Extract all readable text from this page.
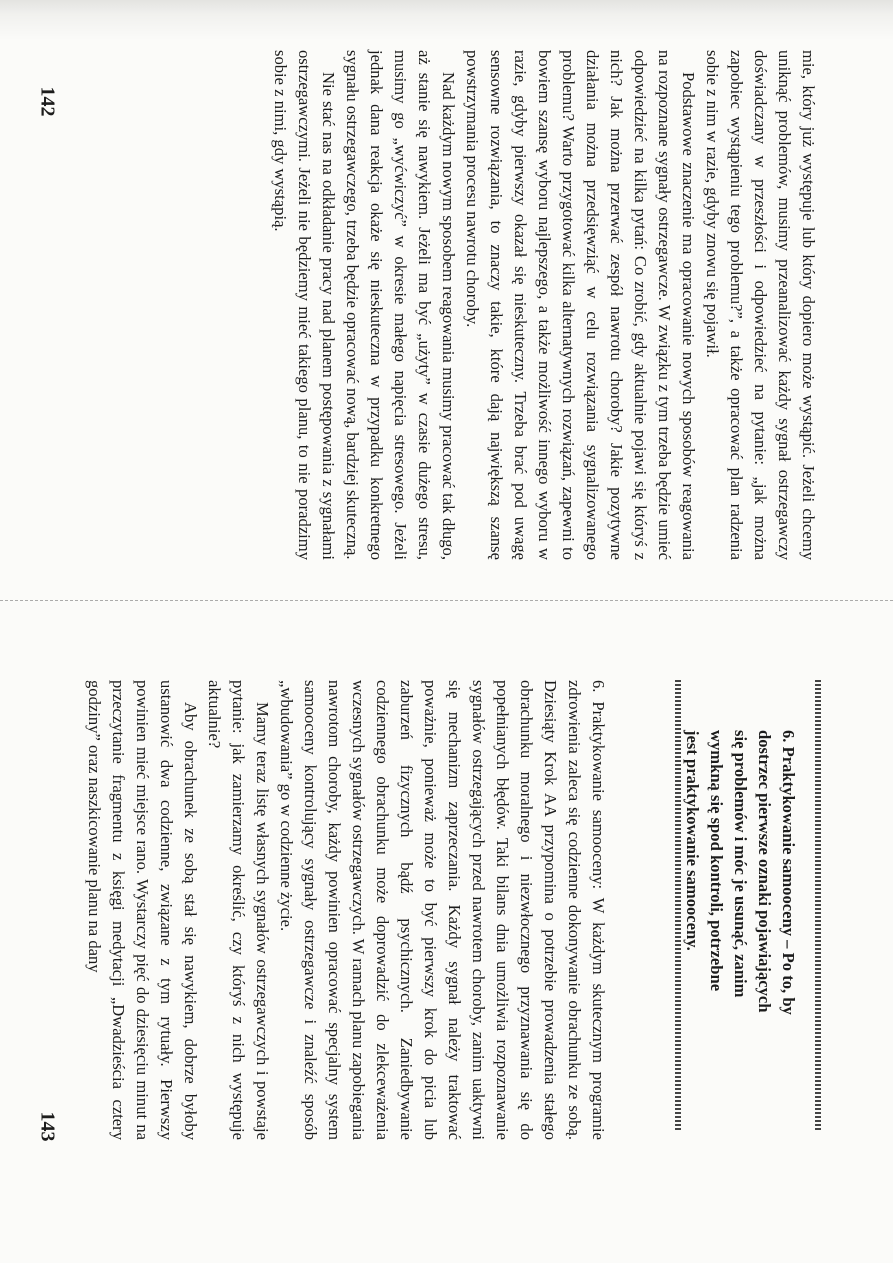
mie, który już występuje lub który dopiero może wystąpić. Jeżeli chcemy uniknąć problemów, musimy przeanalizować każdy sygnał ostrzegawczy doświadczany w przeszłości i odpowiedzieć na pytanie: „jak można zapobiec wystąpieniu tego problemu?”, a także opracować plan radzenia sobie z nim w razie, gdyby znowu się pojawił.

Podstawowe znaczenie ma opracowanie nowych sposobów reagowania na rozpoznane sygnały ostrzegawcze. W związku z tym trzeba będzie umieć odpowiedzieć na kilka pytań: Co zrobić, gdy aktualnie pojawi się któryś z nich? Jak można przerwać zespół nawrotu choroby? Jakie pozytywne działania można przedsięwziąć w celu rozwiązania sygnalizowanego problemu? Warto przygotować kilka alternatywnych rozwiązań, zapewni to bowiem szansę wyboru najlepszego, a także możliwość innego wyboru w razie, gdyby pierwszy okazał się nieskuteczny. Trzeba brać pod uwagę sensowne rozwiązania, to znaczy takie, które dają największą szansę powstrzymania procesu nawrotu choroby.

Nad każdym nowym sposobem reagowania musimy pracować tak długo, aż stanie się nawykiem. Jeżeli ma być „użyty” w czasie dużego stresu, musimy go „wyćwiczyć” w okresie małego napięcia stresowego. Jeżeli jednak dana reakcja okaże się nieskuteczna w przypadku konkretnego sygnału ostrzegawczego, trzeba będzie opracować nową, bardziej skuteczną.

Nie stać nas na odkładanie pracy nad planem postępowania z sygnałami ostrzegawczymi. Jeżeli nie będziemy mieć takiego planu, to nie poradzimy sobie z nimi, gdy wystąpią.

142
6. Praktykowanie samooceny – Po to, by
dostrzec pierwsze oznaki pojawiających
się problemów i móc je usunąć, zanim
wymkną się spod kontroli, potrzebne
jest praktykowanie samooceny.

6. Praktykowanie samooceny: W każdym skutecznym programie zdrowienia zaleca się codzienne dokonywanie obrachunku ze sobą. Dziesiąty Krok AA przypomina o potrzebie prowadzenia stałego obrachunku moralnego i niezwłocznego przyznawania się do popełnianych błędów. Taki bilans dnia umożliwia rozpoznawanie sygnałów ostrzegających przed nawrotem choroby, zanim uaktywni się mechanizm zaprzeczania. Każdy sygnał należy traktować poważnie, ponieważ może to być pierwszy krok do picia lub zaburzeń fizycznych bądź psychicznych. Zaniedbywanie codziennego obrachunku może doprowadzić do zlekceważenia wczesnych sygnałów ostrzegawczych. W ramach planu zapobiegania nawrotom choroby, każdy powinien opracować specjalny system samooceny kontrolujący sygnały ostrzegawcze i znaleźć sposób „wbudowania” go w codzienne życie.

Mamy teraz listę własnych sygnałów ostrzegawczych i powstaje pytanie: jak zamierzamy określić, czy któryś z nich występuje aktualnie?

Aby obrachunek ze sobą stał się nawykiem, dobrze byłoby ustanowić dwa codzienne, związane z tym rytuały. Pierwszy powinien mieć miejsce rano. Wystarczy pięć do dziesięciu minut na przeczytanie fragmentu z księgi medytacji „Dwadzieścia cztery godziny” oraz naszkicowanie planu na dany

143
